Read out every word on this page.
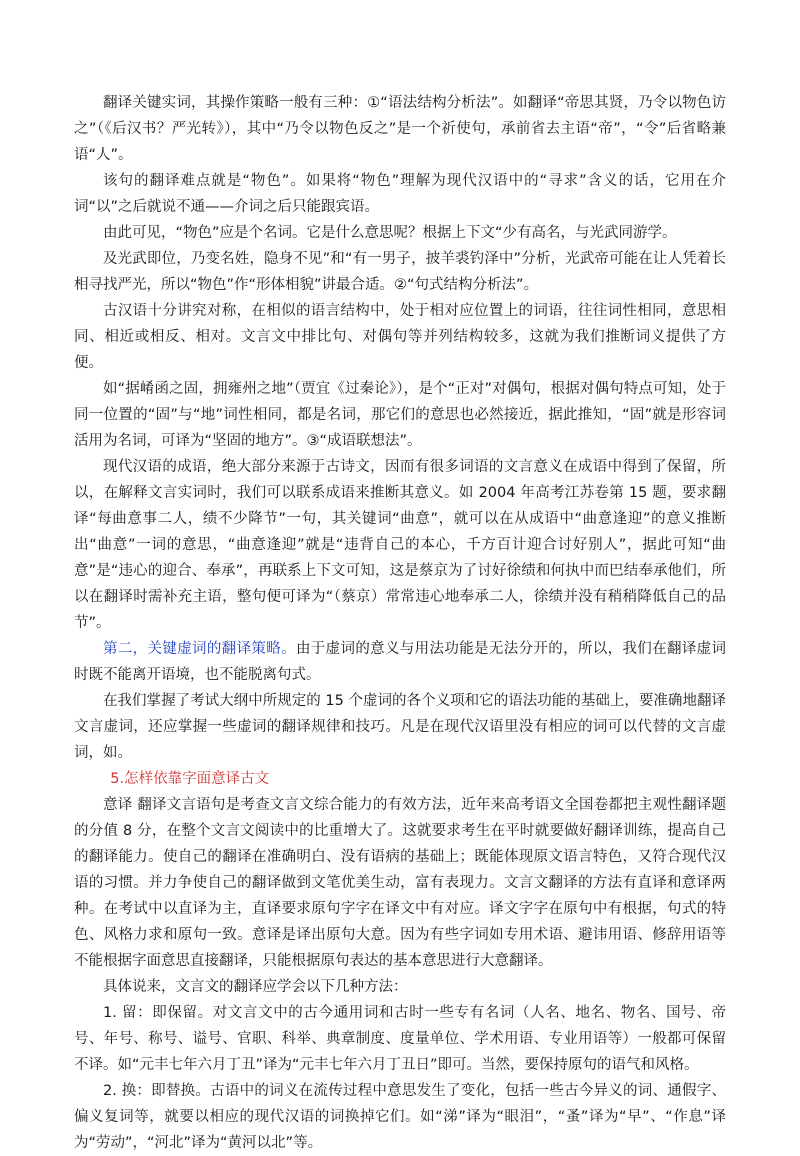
翻译关键实词，其操作策略一般有三种：①“语法结构分析法”。如翻译“帝思其贤，乃令以物色访之”（《后汉书？严光转》），其中“乃令以物色反之”是一个祈使句，承前省去主语“帝”，“令”后省略兼语“人”。

该句的翻译难点就是“物色”。如果将“物色”理解为现代汉语中的“寻求”含义的话，它用在介词“以”之后就说不通——介词之后只能跟宾语。

由此可见，“物色”应是个名词。它是什么意思呢？根据上下文“少有高名，与光武同游学。

及光武即位，乃变名姓，隐身不见”和“有一男子，披羊裘钓泽中”分析，光武帝可能在让人凭着长相寻找严光，所以“物色”作“形体相貌”讲最合适。②“句式结构分析法”。

古汉语十分讲究对称，在相似的语言结构中，处于相对应位置上的词语，往往词性相同，意思相同、相近或相反、相对。文言文中排比句、对偶句等并列结构较多，这就为我们推断词义提供了方便。

如“据崤函之固，拥雍州之地”（贾宜《过秦论》），是个“正对”对偶句，根据对偶句特点可知，处于同一位置的“固”与“地”词性相同，都是名词，那它们的意思也必然接近，据此推知，“固”就是形容词活用为名词，可译为“坚固的地方”。③“成语联想法”。

现代汉语的成语，绝大部分来源于古诗文，因而有很多词语的文言意义在成语中得到了保留，所以，在解释文言实词时，我们可以联系成语来推断其意义。如 2004 年高考江苏卷第 15 题，要求翻译“每曲意事二人，绩不少降节”一句，其关键词“曲意”，就可以在从成语中“曲意逢迎”的意义推断出“曲意”一词的意思，“曲意逢迎”就是“违背自己的本心，千方百计迎合讨好别人”，据此可知“曲意”是“违心的迎合、奉承”，再联系上下文可知，这是蔡京为了讨好徐绩和何执中而巴结奉承他们，所以在翻译时需补充主语，整句便可译为“（蔡京）常常违心地奉承二人，徐绩并没有稍稍降低自己的品节”。

第二，关键虚词的翻译策略。由于虚词的意义与用法功能是无法分开的，所以，我们在翻译虚词时既不能离开语境，也不能脱离句式。

在我们掌握了考试大纲中所规定的 15 个虚词的各个义项和它的语法功能的基础上，要准确地翻译文言虚词，还应掌握一些虚词的翻译规律和技巧。凡是在现代汉语里没有相应的词可以代替的文言虚词，如。

5.怎样依靠字面意译古文

意译 翻译文言语句是考查文言文综合能力的有效方法，近年来高考语文全国卷都把主观性翻译题的分值 8 分，在整个文言文阅读中的比重增大了。这就要求考生在平时就要做好翻译训练，提高自己的翻译能力。使自己的翻译在准确明白、没有语病的基础上；既能体现原文语言特色，又符合现代汉语的习惯。并力争使自己的翻译做到文笔优美生动，富有表现力。文言文翻译的方法有直译和意译两种。在考试中以直译为主，直译要求原句字字在译文中有对应。译文字字在原句中有根据，句式的特色、风格力求和原句一致。意译是译出原句大意。因为有些字词如专用术语、避讳用语、修辞用语等不能根据字面意思直接翻译，只能根据原句表达的基本意思进行大意翻译。

具体说来，文言文的翻译应学会以下几种方法：

1. 留：即保留。对文言文中的古今通用词和古时一些专有名词（人名、地名、物名、国号、帝号、年号、称号、谥号、官职、科举、典章制度、度量单位、学术用语、专业用语等）一般都可保留不译。如“元丰七年六月丁丑”译为“元丰七年六月丁丑日”即可。当然，要保持原句的语气和风格。

2. 换：即替换。古语中的词义在流传过程中意思发生了变化，包括一些古今异义的词、通假字、偏义复词等，就要以相应的现代汉语的词换掉它们。如“涕”译为“眼泪”，“蚤”译为“早”、“作息”译为“劳动”，“河北”译为“黄河以北”等。
